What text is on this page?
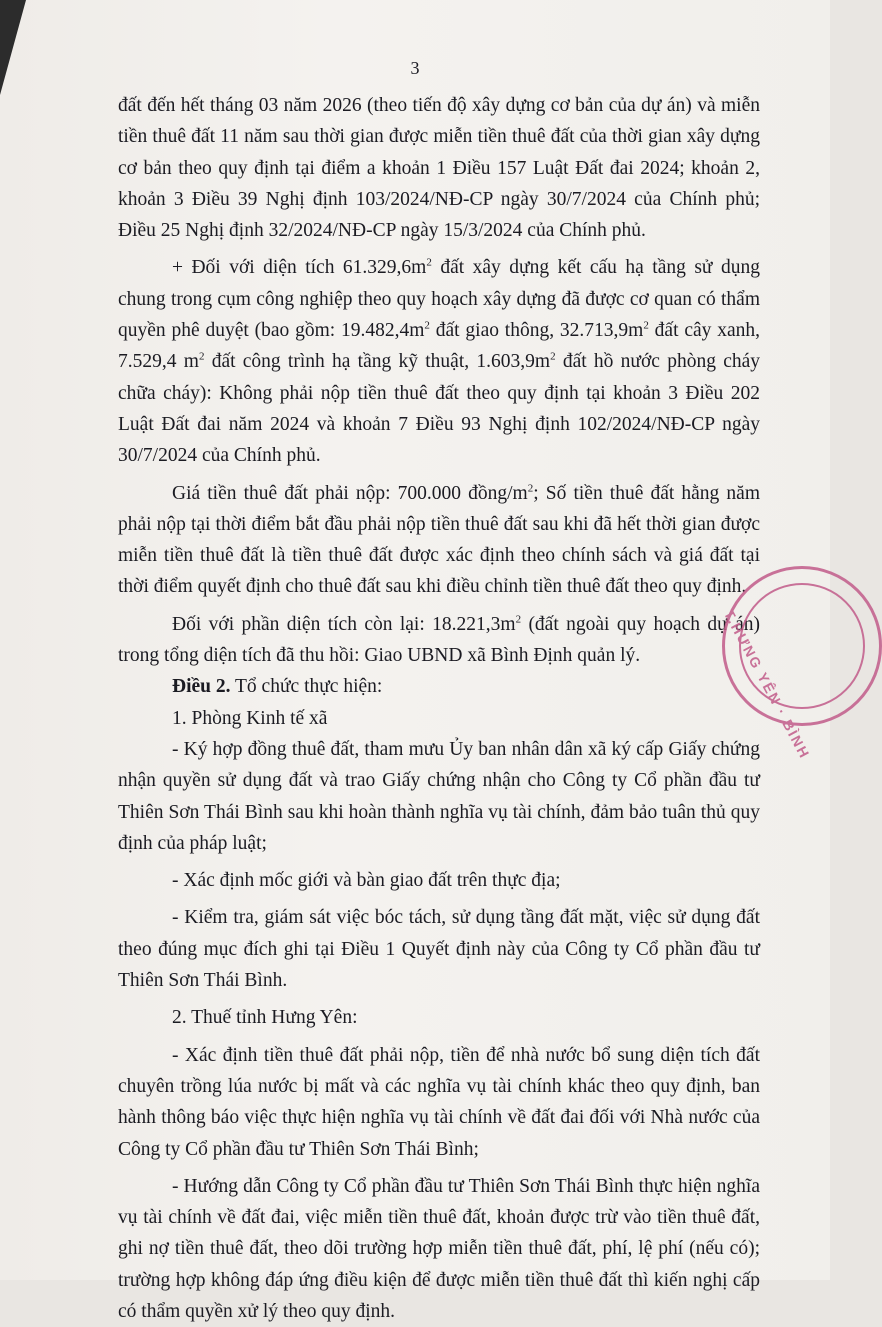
3

đất đến hết tháng 03 năm 2026 (theo tiến độ xây dựng cơ bản của dự án) và miễn tiền thuê đất 11 năm sau thời gian được miễn tiền thuê đất của thời gian xây dựng cơ bản theo quy định tại điểm a khoản 1 Điều 157 Luật Đất đai 2024; khoản 2, khoản 3 Điều 39 Nghị định 103/2024/NĐ-CP ngày 30/7/2024 của Chính phủ; Điều 25 Nghị định 32/2024/NĐ-CP ngày 15/3/2024 của Chính phủ.

+ Đối với diện tích $61.329,6m^2$ đất xây dựng kết cấu hạ tầng sử dụng chung trong cụm công nghiệp theo quy hoạch xây dựng đã được cơ quan có thẩm quyền phê duyệt (bao gồm: $19.482,4m^2$ đất giao thông, $32.713,9m^2$ đất cây xanh, 7.529,4 $m^2$ đất công trình hạ tầng kỹ thuật, $1.603,9m^2$ đất hồ nước phòng cháy chữa cháy): Không phải nộp tiền thuê đất theo quy định tại khoản 3 Điều 202 Luật Đất đai năm 2024 và khoản 7 Điều 93 Nghị định 102/2024/NĐ-CP ngày 30/7/2024 của Chính phủ.

Giá tiền thuê đất phải nộp: 700.000 đồng/$m^2$; Số tiền thuê đất hằng năm phải nộp tại thời điểm bắt đầu phải nộp tiền thuê đất sau khi đã hết thời gian được miễn tiền thuê đất là tiền thuê đất được xác định theo chính sách và giá đất tại thời điểm quyết định cho thuê đất sau khi điều chỉnh tiền thuê đất theo quy định.

Đối với phần diện tích còn lại: $18.221,3m^2$ (đất ngoài quy hoạch dự án) trong tổng diện tích đã thu hồi: Giao UBND xã Bình Định quản lý.

Điều 2. Tổ chức thực hiện:

1. Phòng Kinh tế xã

- Ký hợp đồng thuê đất, tham mưu Ủy ban nhân dân xã ký cấp Giấy chứng nhận quyền sử dụng đất và trao Giấy chứng nhận cho Công ty Cổ phần đầu tư Thiên Sơn Thái Bình sau khi hoàn thành nghĩa vụ tài chính, đảm bảo tuân thủ quy định của pháp luật;

- Xác định mốc giới và bàn giao đất trên thực địa;

- Kiểm tra, giám sát việc bóc tách, sử dụng tầng đất mặt, việc sử dụng đất theo đúng mục đích ghi tại Điều 1 Quyết định này của Công ty Cổ phần đầu tư Thiên Sơn Thái Bình.

2. Thuế tỉnh Hưng Yên:

- Xác định tiền thuê đất phải nộp, tiền để nhà nước bổ sung diện tích đất chuyên trồng lúa nước bị mất và các nghĩa vụ tài chính khác theo quy định, ban hành thông báo việc thực hiện nghĩa vụ tài chính về đất đai đối với Nhà nước của Công ty Cổ phần đầu tư Thiên Sơn Thái Bình;

- Hướng dẫn Công ty Cổ phần đầu tư Thiên Sơn Thái Bình thực hiện nghĩa vụ tài chính về đất đai, việc miễn tiền thuê đất, khoản được trừ vào tiền thuê đất, ghi nợ tiền thuê đất, theo dõi trường hợp miễn tiền thuê đất, phí, lệ phí (nếu có); trường hợp không đáp ứng điều kiện để được miễn tiền thuê đất thì kiến nghị cấp có thẩm quyền xử lý theo quy định.

T.HƯNG YÊN · BÌNH
